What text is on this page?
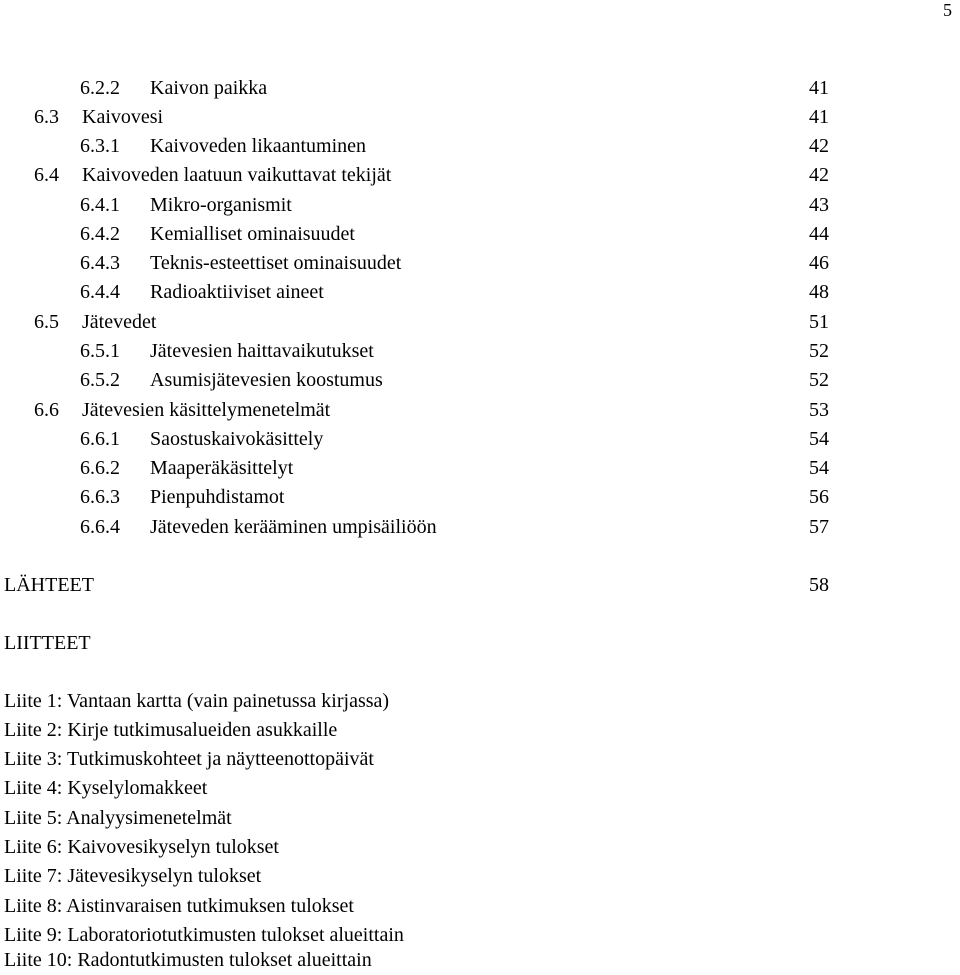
5
6.2.2 Kaivon paikka	41
6.3 Kaivovesi	41
6.3.1 Kaivoveden likaantuminen	42
6.4 Kaivoveden laatuun vaikuttavat tekijät	42
6.4.1 Mikro-organismit	43
6.4.2 Kemialliset ominaisuudet	44
6.4.3 Teknis-esteettiset ominaisuudet	46
6.4.4 Radioaktiiviset aineet	48
6.5 Jätevedet	51
6.5.1 Jätevesien haittavaikutukset	52
6.5.2 Asumisjätevesien koostumus	52
6.6 Jätevesien käsittelymenetelmät	53
6.6.1 Saostuskaivokäsittely	54
6.6.2 Maaperäkäsittelyt	54
6.6.3 Pienpuhdistamot	56
6.6.4 Jäteveden kerääminen umpisäiliöön	57
LÄHTEET	58
LIITTEET
Liite 1: Vantaan kartta (vain painetussa kirjassa)
Liite 2: Kirje tutkimusalueiden asukkaille
Liite 3: Tutkimuskohteet ja näytteenottopäivät
Liite 4: Kyselylomakkeet
Liite 5: Analyysimenetelmät
Liite 6: Kaivovesikyselyn tulokset
Liite 7: Jätevesikyselyn tulokset
Liite 8: Aistinvaraisen tutkimuksen tulokset
Liite 9: Laboratoriotutkimusten tulokset alueittain
Liite 10: Radontutkimusten tulokset alueittain
